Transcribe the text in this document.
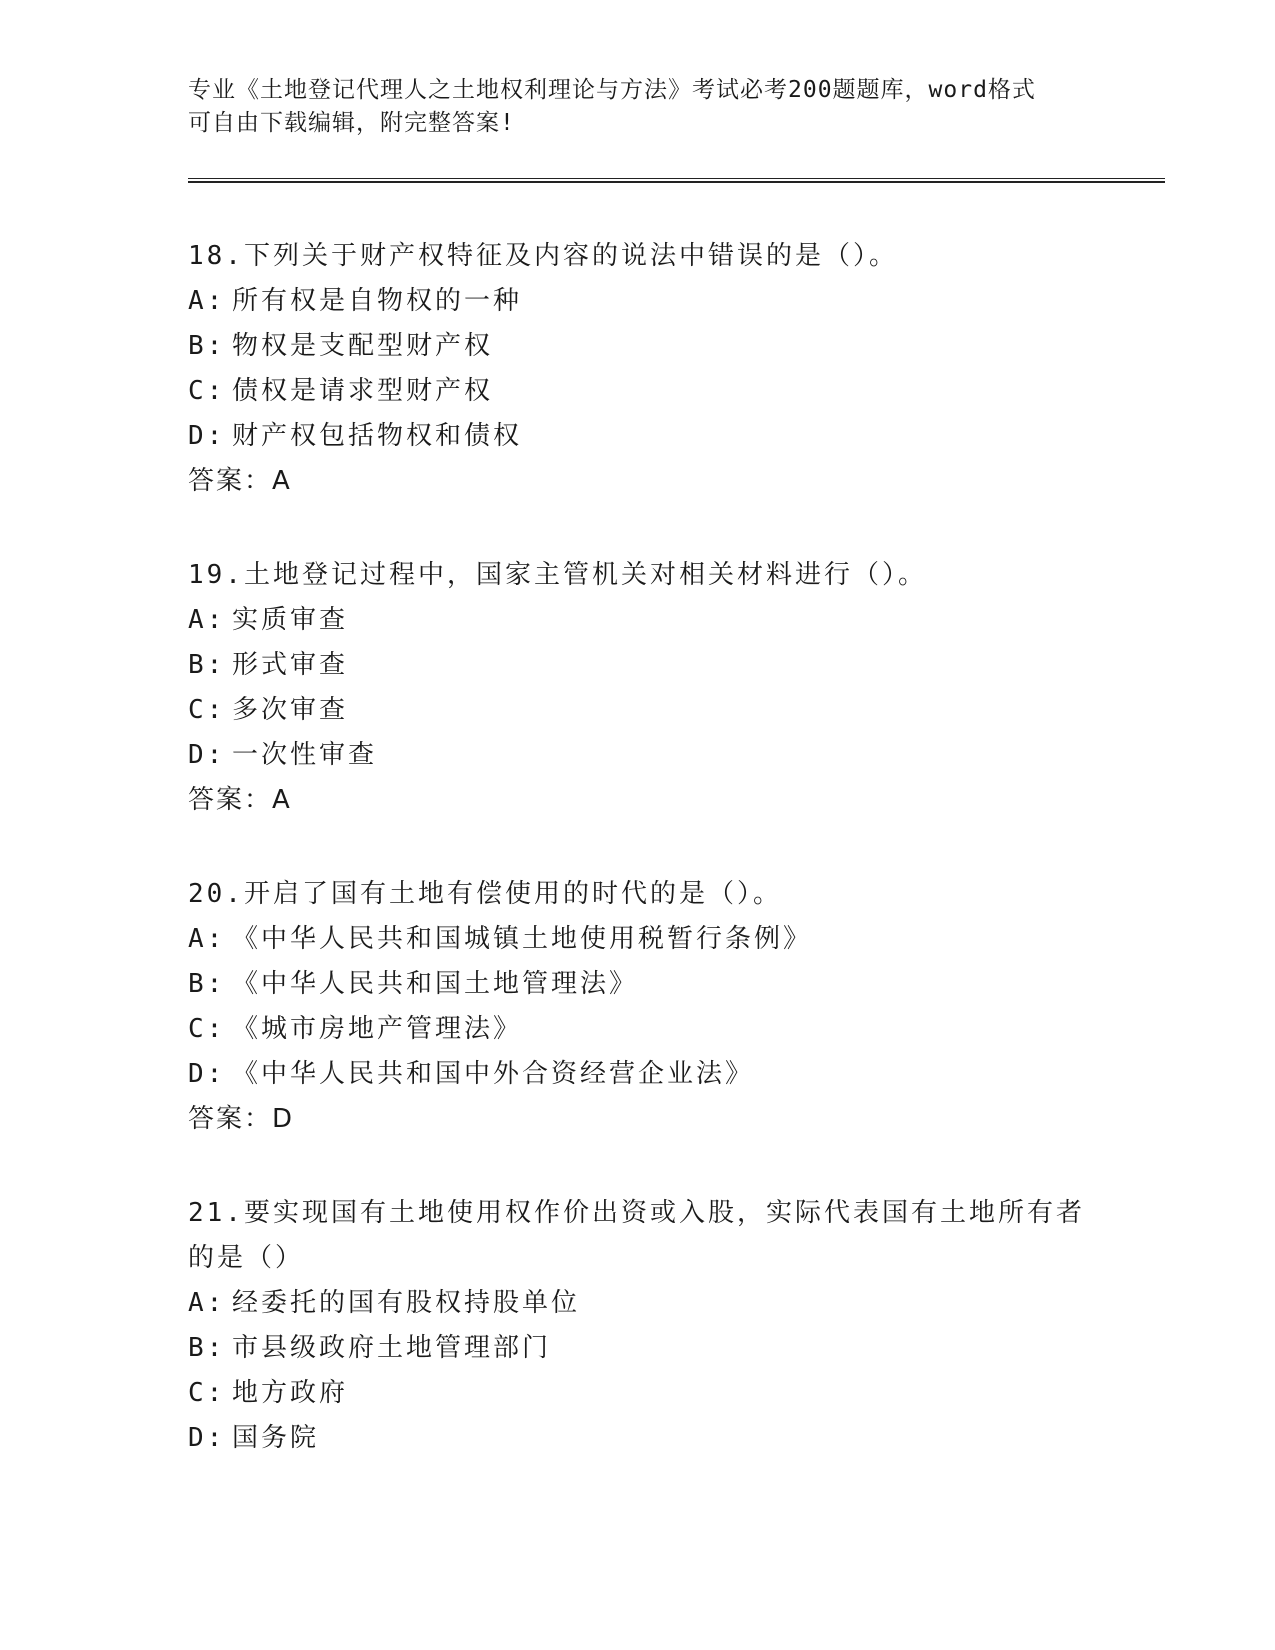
专业《土地登记代理人之土地权利理论与方法》考试必考200题题库，word格式
可自由下载编辑，附完整答案!

18.下列关于财产权特征及内容的说法中错误的是（）。

A: 所有权是自物权的一种

B: 物权是支配型财产权

C: 债权是请求型财产权

D: 财产权包括物权和债权

答案：A

19.土地登记过程中，国家主管机关对相关材料进行（）。

A: 实质审查

B: 形式审查

C: 多次审查

D: 一次性审查

答案：A

20.开启了国有土地有偿使用的时代的是（）。

A: 《中华人民共和国城镇土地使用税暂行条例》

B: 《中华人民共和国土地管理法》

C: 《城市房地产管理法》

D: 《中华人民共和国中外合资经营企业法》

答案：D

21.要实现国有土地使用权作价出资或入股，实际代表国有土地所有者

的是（）

A: 经委托的国有股权持股单位

B: 市县级政府土地管理部门

C: 地方政府

D: 国务院
